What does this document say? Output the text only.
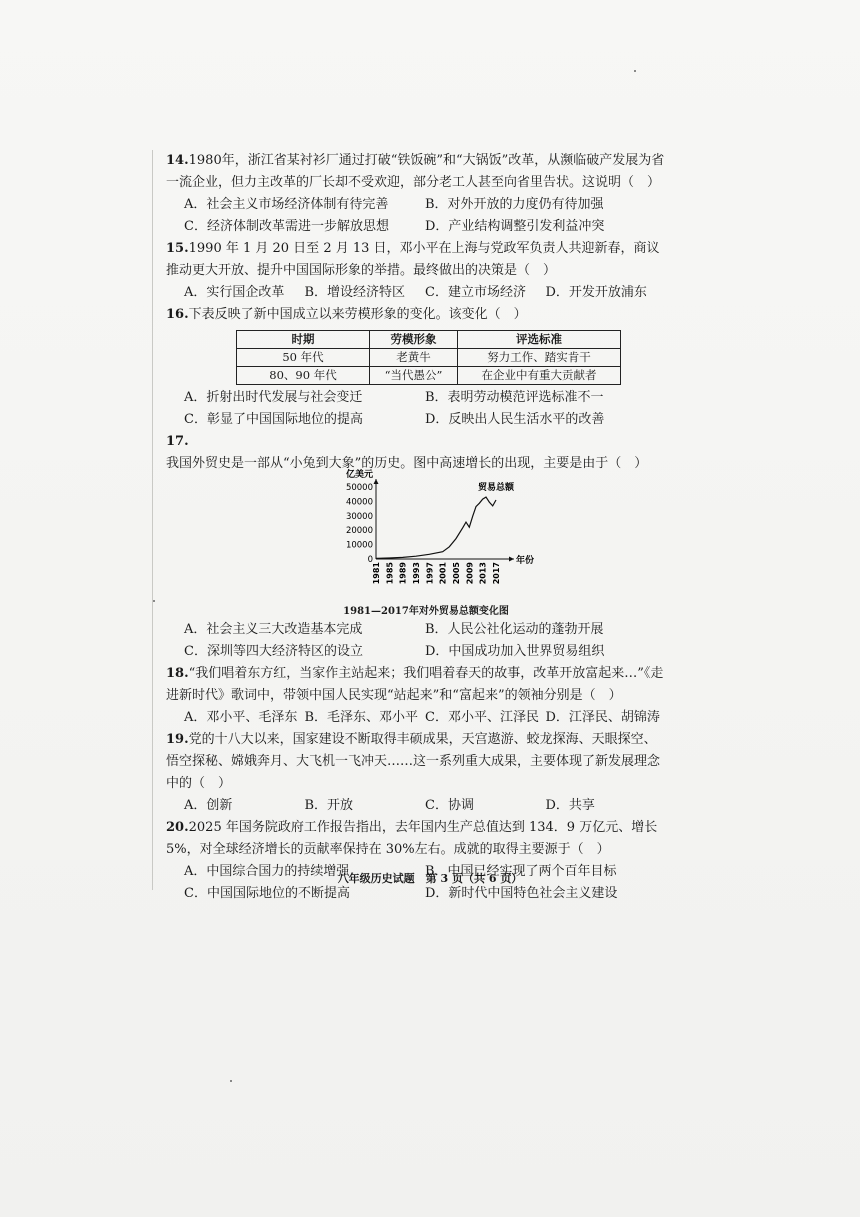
14.1980年，浙江省某衬衫厂通过打破“铁饭碗”和“大锅饭”改革，从濒临破产发展为省一流企业，但力主改革的厂长却不受欢迎，部分老工人甚至向省里告状。这说明（　）

A．社会主义市场经济体制有待完善	B．对外开放的力度仍有待加强
C．经济体制改革需进一步解放思想	D．产业结构调整引发利益冲突

15.1990 年 1 月 20 日至 2 月 13 日，邓小平在上海与党政军负责人共迎新春，商议推动更大开放、提升中国国际形象的举措。最终做出的决策是（　）

A．实行国企改革	B．增设经济特区	C．建立市场经济	D．开发开放浦东

16.下表反映了新中国成立以来劳模形象的变化。该变化（　）

时期	劳模形象	评选标准
50 年代	老黄牛	努力工作、踏实肯干
80、90 年代	“当代愚公”	在企业中有重大贡献者
A．折射出时代发展与社会变迁	B．表明劳动模范评选标准不一
C．彰显了中国国际地位的提高	D．反映出人民生活水平的改善

17.我国外贸史是一部从“小兔到大象”的历史。图中高速增长的出现，主要是由于（　）

亿美元
年份
0
10000
20000
30000
40000
50000
1981 1985 1989 1993 1997 2001 2005 2009 2013 2017
贸易总额
1981—2017年对外贸易总额变化图
A．社会主义三大改造基本完成	B．人民公社化运动的蓬勃开展
C．深圳等四大经济特区的设立	D．中国成功加入世界贸易组织

18.“我们唱着东方红，当家作主站起来；我们唱着春天的故事，改革开放富起来…”《走进新时代》歌词中，带领中国人民实现“站起来”和“富起来”的领袖分别是（　）

A．邓小平、毛泽东 B．毛泽东、邓小平 C．邓小平、江泽民 D．江泽民、胡锦涛

19.党的十八大以来，国家建设不断取得丰硕成果，天宫遨游、蛟龙探海、天眼探空、悟空探秘、嫦娥奔月、大飞机一飞冲天……这一系列重大成果，主要体现了新发展理念中的（　）

A．创新	B．开放	C．协调	D．共享

20.2025 年国务院政府工作报告指出，去年国内生产总值达到 134．9 万亿元、增长 5%，对全球经济增长的贡献率保持在 30%左右。成就的取得主要源于（　）

A．中国综合国力的持续增强	B．中国已经实现了两个百年目标
C．中国国际地位的不断提高	D．新时代中国特色社会主义建设
八年级历史试题　第 3 页（共 6 页）
